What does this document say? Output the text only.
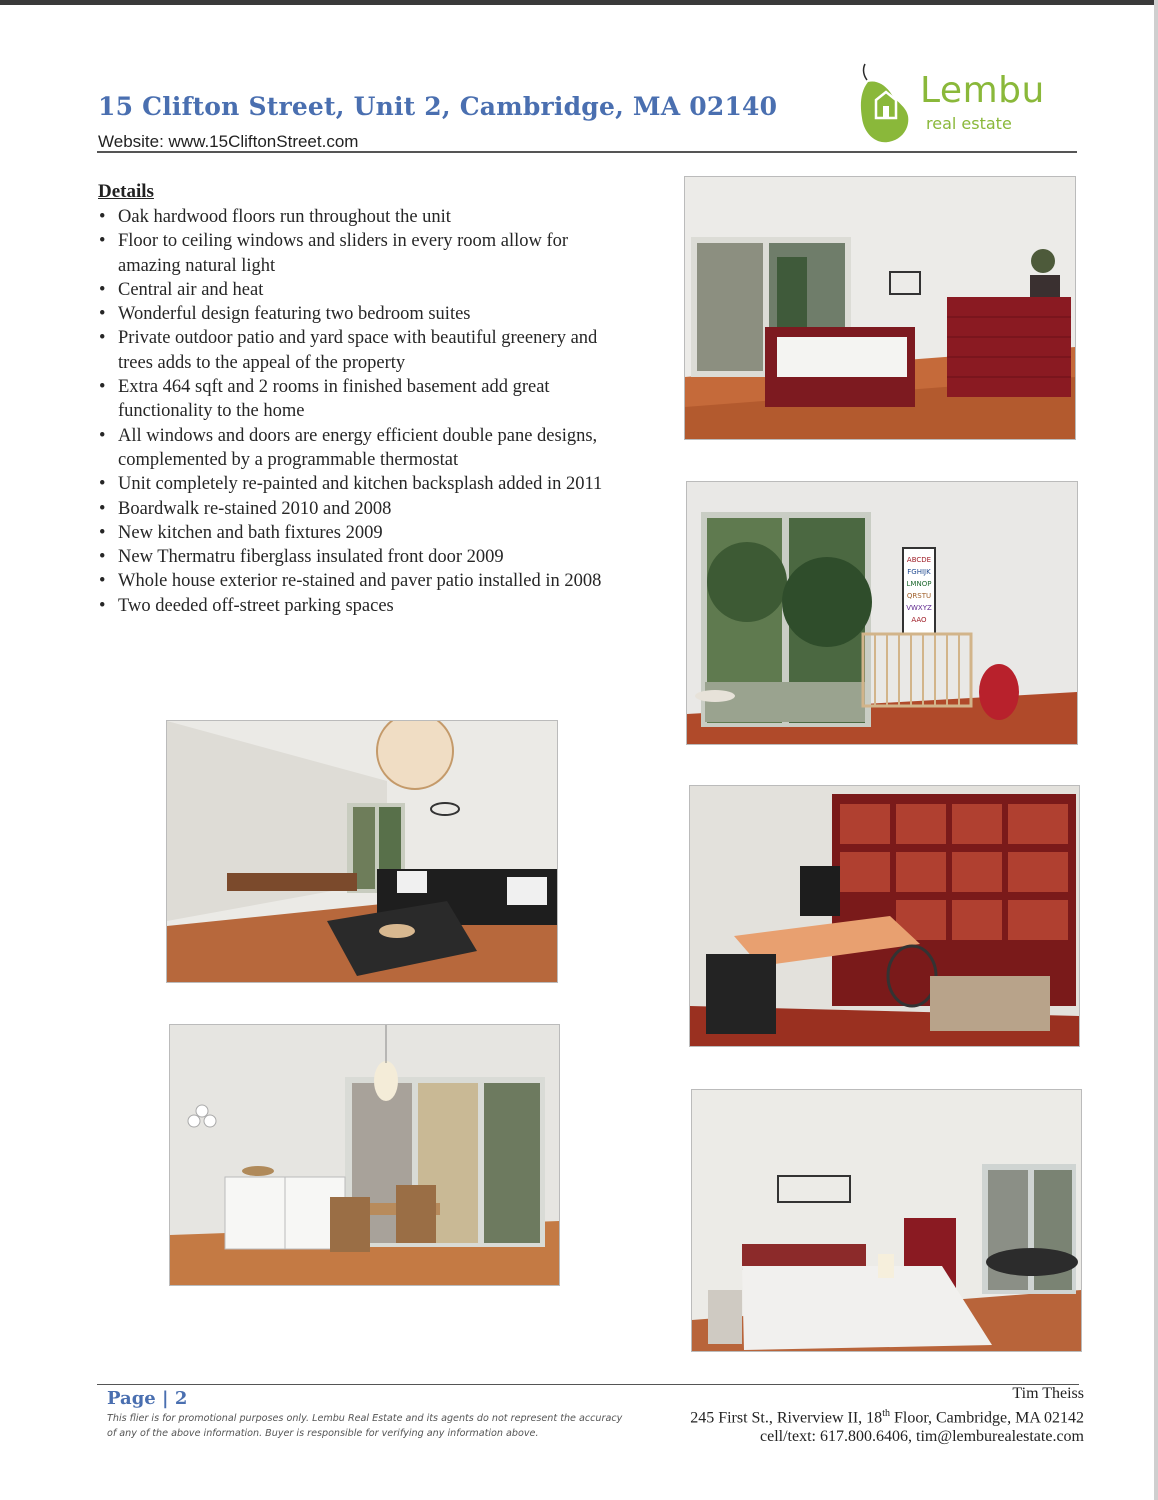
15 Clifton Street, Unit 2, Cambridge, MA 02140
Website: www.15CliftonStreet.com
Lembu
real estate
Details
• Oak hardwood floors run throughout the unit
• Floor to ceiling windows and sliders in every room allow for amazing natural light
• Central air and heat
• Wonderful design featuring two bedroom suites
• Private outdoor patio and yard space with beautiful greenery and trees adds to the appeal of the property
• Extra 464 sqft and 2 rooms in finished basement add great functionality to the home
• All windows and doors are energy efficient double pane designs, complemented by a programmable thermostat
• Unit completely re-painted and kitchen backsplash added in 2011
• Boardwalk re-stained 2010 and 2008
• New kitchen and bath fixtures 2009
• New Thermatru fiberglass insulated front door 2009
• Whole house exterior re-stained and paver patio installed in 2008
• Two deeded off-street parking spaces
ABCDE
FGHIJK
LMNOP
QRSTU
VWXYZ
AAO
Page | 2
This flier is for promotional purposes only. Lembu Real Estate and its agents do not represent the accuracy of any of the above information. Buyer is responsible for verifying any information above.
Tim Theiss
245 First St., Riverview II, 18th Floor, Cambridge, MA 02142
cell/text: 617.800.6406, tim@lemburealestate.com
